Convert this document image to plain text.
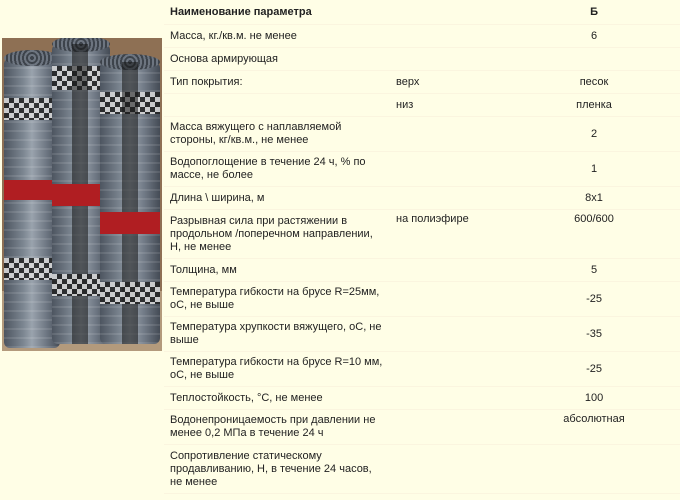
Наименование параметра		Б
Масса, кг./кв.м. не менее		6
Основа армирующая		
Тип покрытия:	верх	песок
	низ	пленка
Масса вяжущего с наплавляемой стороны, кг/кв.м., не менее		2
Водопоглощение в течение 24 ч, % по массе, не более		1
Длина \ ширина, м		8х1
Разрывная сила при растяжении в продольном /поперечном направлении, Н, не менее	на полиэфире	600/600
Толщина, мм		5
Температура гибкости на брусе R=25мм, оС, не выше		-25
Температура хрупкости вяжущего, оС, не выше		-35
Температура гибкости на брусе R=10 мм, оС, не выше		-25
Теплостойкость, °С, не менее		100
Водонепроницаемость при давлении не менее 0,2 МПа в течение 24 ч		абсолютная
Сопротивление статическому продавливанию, Н, в течение 24 часов, не менее		
